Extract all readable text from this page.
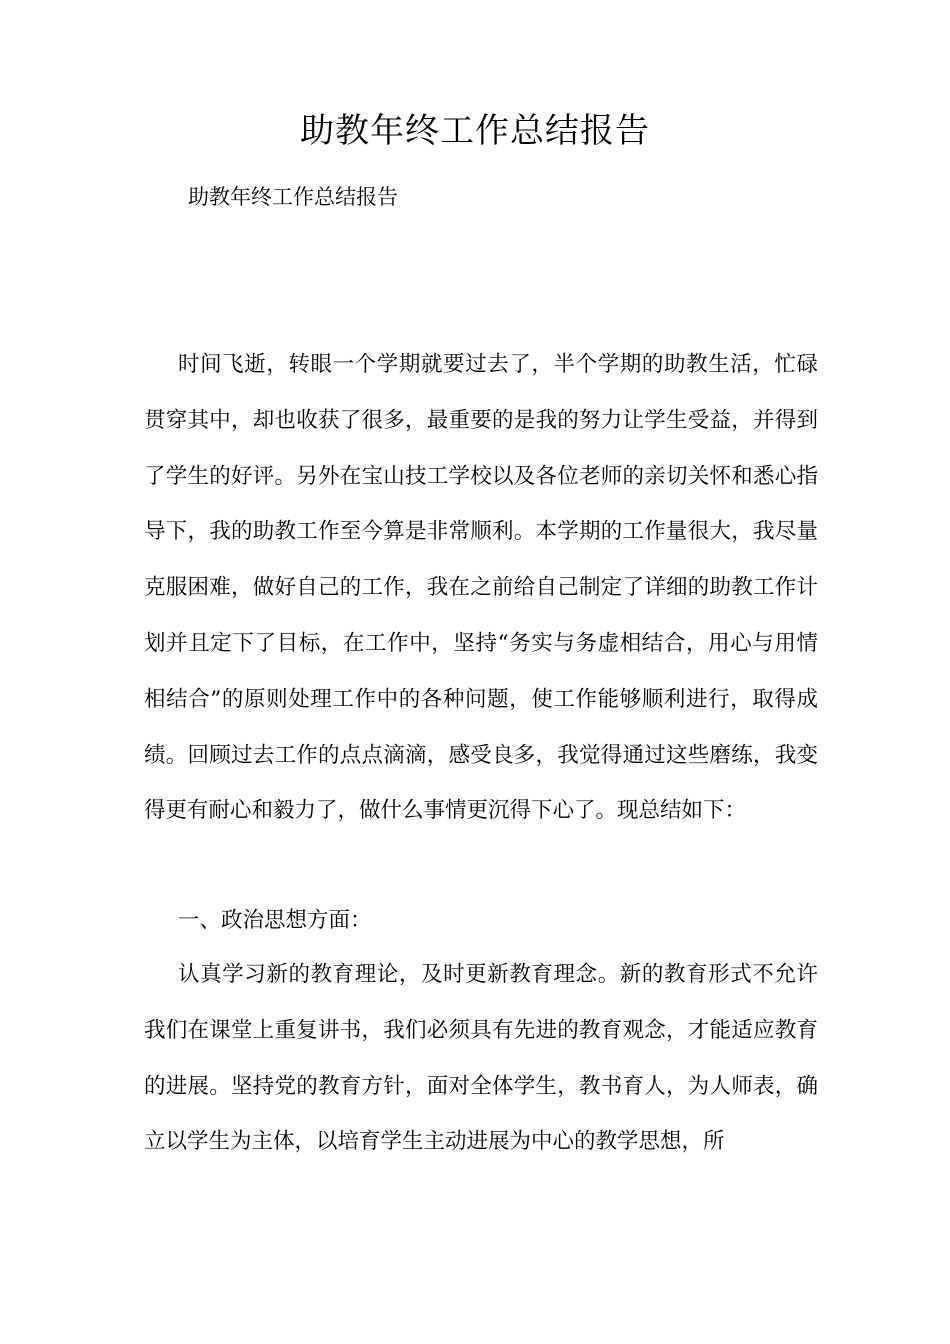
助教年终工作总结报告

助教年终工作总结报告

时间飞逝，转眼一个学期就要过去了，半个学期的助教生活，忙碌贯穿其中，却也收获了很多，最重要的是我的努力让学生受益，并得到了学生的好评。另外在宝山技工学校以及各位老师的亲切关怀和悉心指导下，我的助教工作至今算是非常顺利。本学期的工作量很大，我尽量克服困难，做好自己的工作，我在之前给自己制定了详细的助教工作计划并且定下了目标，在工作中，坚持“务实与务虚相结合，用心与用情相结合”的原则处理工作中的各种问题，使工作能够顺利进行，取得成绩。回顾过去工作的点点滴滴，感受良多，我觉得通过这些磨练，我变得更有耐心和毅力了，做什么事情更沉得下心了。现总结如下：

一、政治思想方面：

认真学习新的教育理论，及时更新教育理念。新的教育形式不允许我们在课堂上重复讲书，我们必须具有先进的教育观念，才能适应教育的进展。坚持党的教育方针，面对全体学生，教书育人，为人师表，确立以学生为主体，以培育学生主动进展为中心的教学思想，所
